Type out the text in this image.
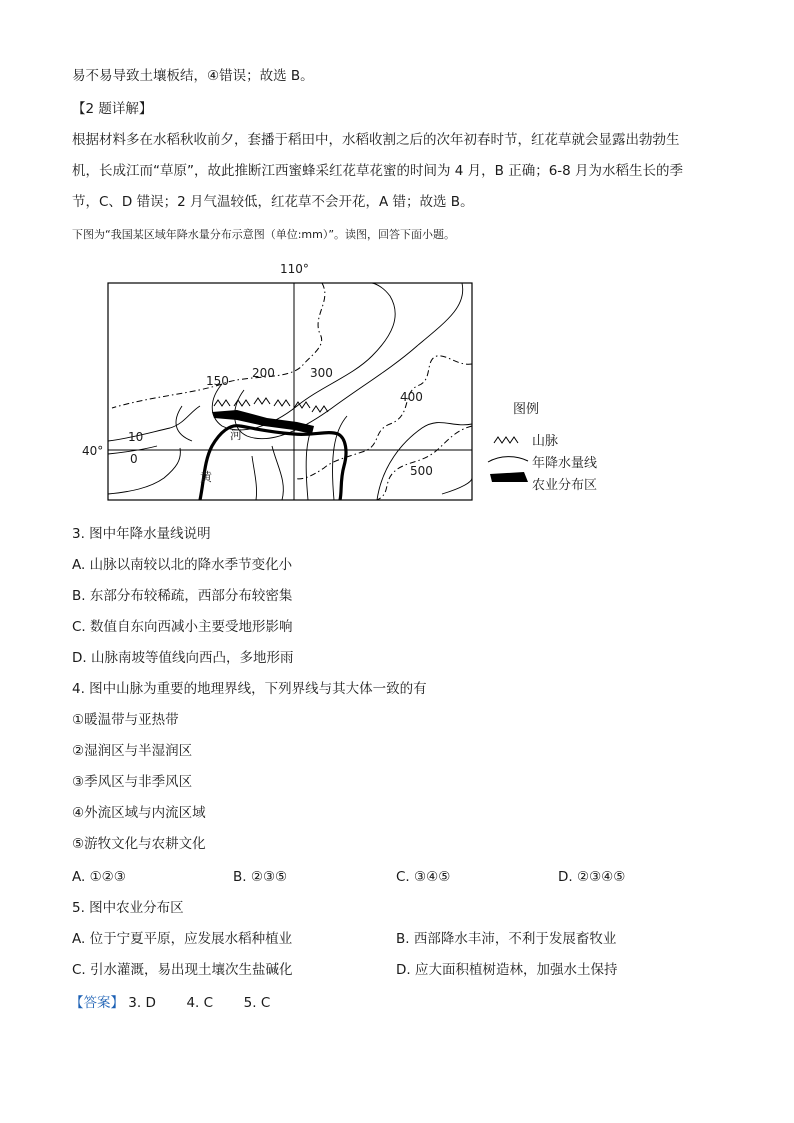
易不易导致土壤板结，④错误；故选 B。
【2 题详解】
根据材料多在水稻秋收前夕，套播于稻田中，水稻收割之后的次年初春时节，红花草就会显露出勃勃生
机，长成江而“草原”，故此推断江西蜜蜂采红花草花蜜的时间为 4 月，B 正确；6-8 月为水稻生长的季
节，C、D 错误；2 月气温较低，红花草不会开花，A 错；故选 B。
下图为“我国某区域年降水量分布示意图（单位:mm）”。读图，回答下面小题。
110°
40°
150
200	300
400
10
0
500
河
黄
图例
山脉
年降水量线
农业分布区
3. 图中年降水量线说明
A. 山脉以南较以北的降水季节变化小
B. 东部分布较稀疏，西部分布较密集
C. 数值自东向西减小主要受地形影响
D. 山脉南坡等值线向西凸，多地形雨
4. 图中山脉为重要的地理界线，下列界线与其大体一致的有
①暖温带与亚热带
②湿润区与半湿润区
③季风区与非季风区
④外流区域与内流区域
⑤游牧文化与农耕文化
A. ①②③	B. ②③⑤	C. ③④⑤	D. ②③④⑤
5. 图中农业分布区
A. 位于宁夏平原，应发展水稻种植业	B. 西部降水丰沛，不利于发展畜牧业
C. 引水灌溉，易出现土壤次生盐碱化	D. 应大面积植树造林，加强水土保持
【答案】 3. D 4. C 5. C
